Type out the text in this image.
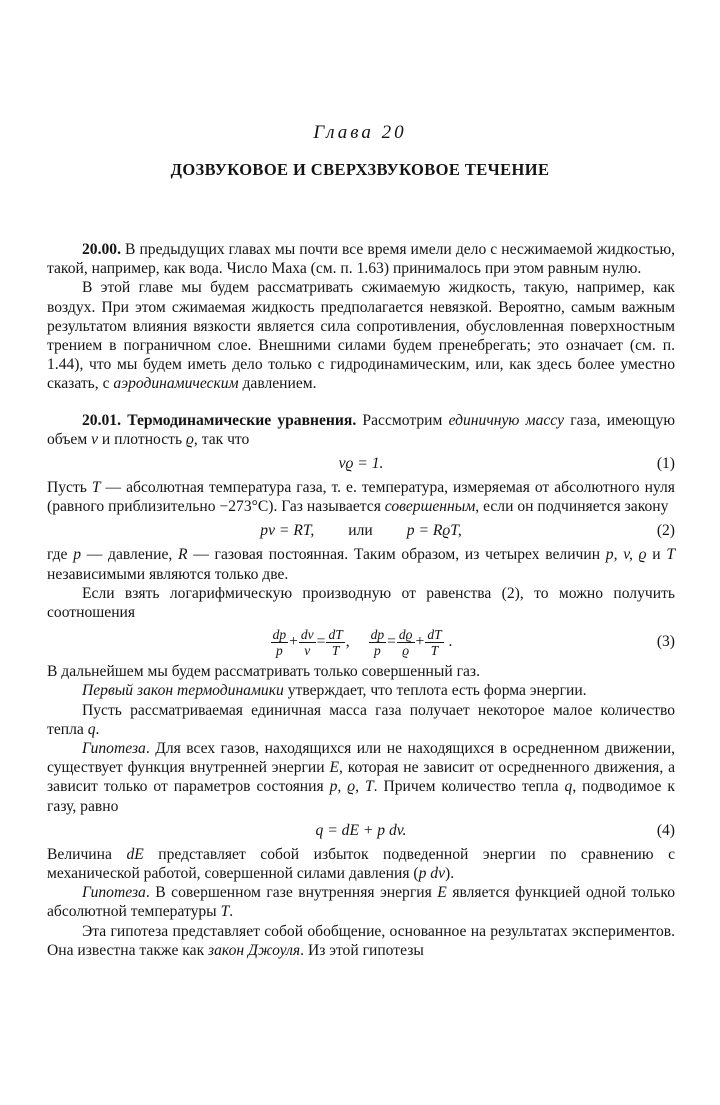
Глава 20
ДОЗВУКОВОЕ И СВЕРХЗВУКОВОЕ ТЕЧЕНИЕ

20.00. В предыдущих главах мы почти все время имели дело с несжимаемой жидкостью, такой, например, как вода. Число Маха (см. п. 1.63) принималось при этом равным нулю.

В этой главе мы будем рассматривать сжимаемую жидкость, такую, например, как воздух. При этом сжимаемая жидкость предполагается невязкой. Вероятно, самым важным результатом влияния вязкости является сила сопротивления, обусловленная поверхностным трением в пограничном слое. Внешними силами будем пренебрегать; это означает (см. п. 1.44), что мы будем иметь дело только с гидродинамическим, или, как здесь более уместно сказать, с аэродинамическим давлением.

20.01. Термодинамические уравнения. Рассмотрим единичную массу газа, имеющую объем v и плотность ϱ, так что

vϱ = 1.	(1)

Пусть T — абсолютная температура газа, т. е. температура, измеряемая от абсолютного нуля (равного приблизительно −273°C). Газ называется совершенным, если он подчиняется закону

pv = RT, или p = RϱT,	(2)

где p — давление, R — газовая постоянная. Таким образом, из четырех величин p, v, ϱ и T независимыми являются только две.

Если взять логарифмическую производную от равенства (2), то можно получить соотношения

$\frac{dp}{p} + \frac{dv}{v} = \frac{dT}{T}$ , $\frac{dp}{p} = \frac{dϱ}{ϱ} + \frac{dT}{T}$ .	(3)

В дальнейшем мы будем рассматривать только совершенный газ.

Первый закон термодинамики утверждает, что теплота есть форма энергии.

Пусть рассматриваемая единичная масса газа получает некоторое малое количество тепла q.

Гипотеза. Для всех газов, находящихся или не находящихся в осредненном движении, существует функция внутренней энергии E, которая не зависит от осредненного движения, а зависит только от параметров состояния p, ϱ, T. Причем количество тепла q, подводимое к газу, равно

q = dE + p dv.	(4)

Величина dE представляет собой избыток подведенной энергии по сравнению с механической работой, совершенной силами давления (p dv).

Гипотеза. В совершенном газе внутренняя энергия E является функцией одной только абсолютной температуры T.

Эта гипотеза представляет собой обобщение, основанное на результатах экспериментов. Она известна также как закон Джоуля. Из этой гипотезы
